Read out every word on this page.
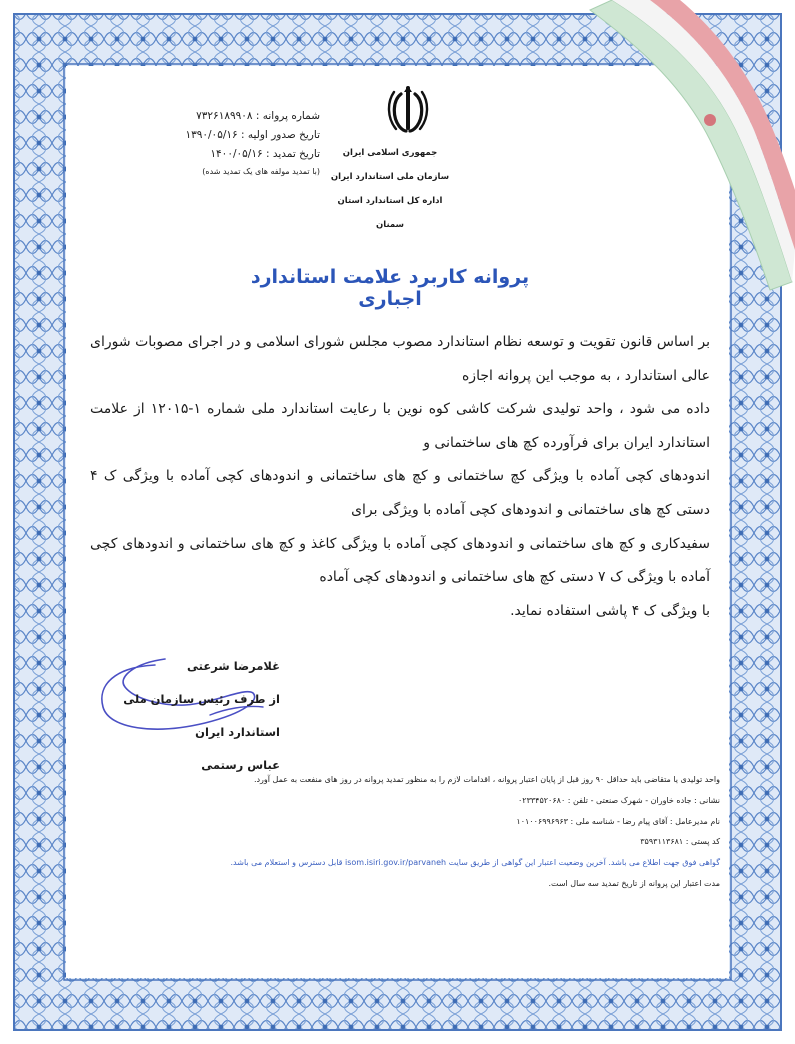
شماره پروانه : ۷۳۲۶۱۸۹۹۰۸
تاریخ صدور اولیه : ۱۳۹۰/۰۵/۱۶
تاریخ تمدید : ۱۴۰۰/۰۵/۱۶
(با تمدید مولفه های یک تمدید شده)
جمهوری اسلامی ایران
سازمان ملی استاندارد ایران
اداره کل استاندارد استان سمنان
پروانه کاربرد علامت استاندارد اجباری
بر اساس قانون تقویت و توسعه نظام استاندارد مصوب مجلس شورای اسلامی و در اجرای مصوبات شورای عالی استاندارد ، به موجب این پروانه اجازه
داده می شود ، واحد تولیدی شرکت کاشی کوه نوین با رعایت استاندارد ملی شماره ۱-۱۲۰۱۵ از علامت استاندارد ایران برای فرآورده کچ های ساختمانی و
اندودهای کچی آماده با ویژگی کچ ساختمانی و کچ های ساختمانی و اندودهای کچی آماده با ویژگی ک ۴ دستی کچ های ساختمانی و اندودهای کچی آماده با ویژگی برای
سفیدکاری و کچ های ساختمانی و اندودهای کچی آماده با ویژگی کاغذ و کچ های ساختمانی و اندودهای کچی آماده با ویژگی ک ۷ دستی کچ های ساختمانی و اندودهای کچی آماده
با ویژگی ک ۴ پاشی استفاده نماید.
غلامرضا شرعتی
از طرف رئیس سازمان ملی استاندارد ایران
عباس رستمی
واحد تولیدی یا متقاضی باید حداقل ۹۰ روز قبل از پایان اعتبار پروانه ، اقدامات لازم را به منظور تمدید پروانه در روز های منفعت به عمل آورد.
نشانی : جاده خاوران - شهرک صنعتی - تلفن : ۰۲۳۳۴۵۲۰۶۸۰
نام مدیرعامل : آقای پیام رضا - شناسه ملی : ۱۰۱۰۰۶۹۹۶۹۶۳
کد پستی : ۳۵۹۳۱۱۳۶۸۱
گواهی فوق جهت اطلاع می باشد. آخرین وضعیت اعتبار این گواهی از طریق سایت isom.isiri.gov.ir/parvaneh قابل دسترس و استعلام می باشد.
مدت اعتبار این پروانه از تاریخ تمدید سه سال است.
